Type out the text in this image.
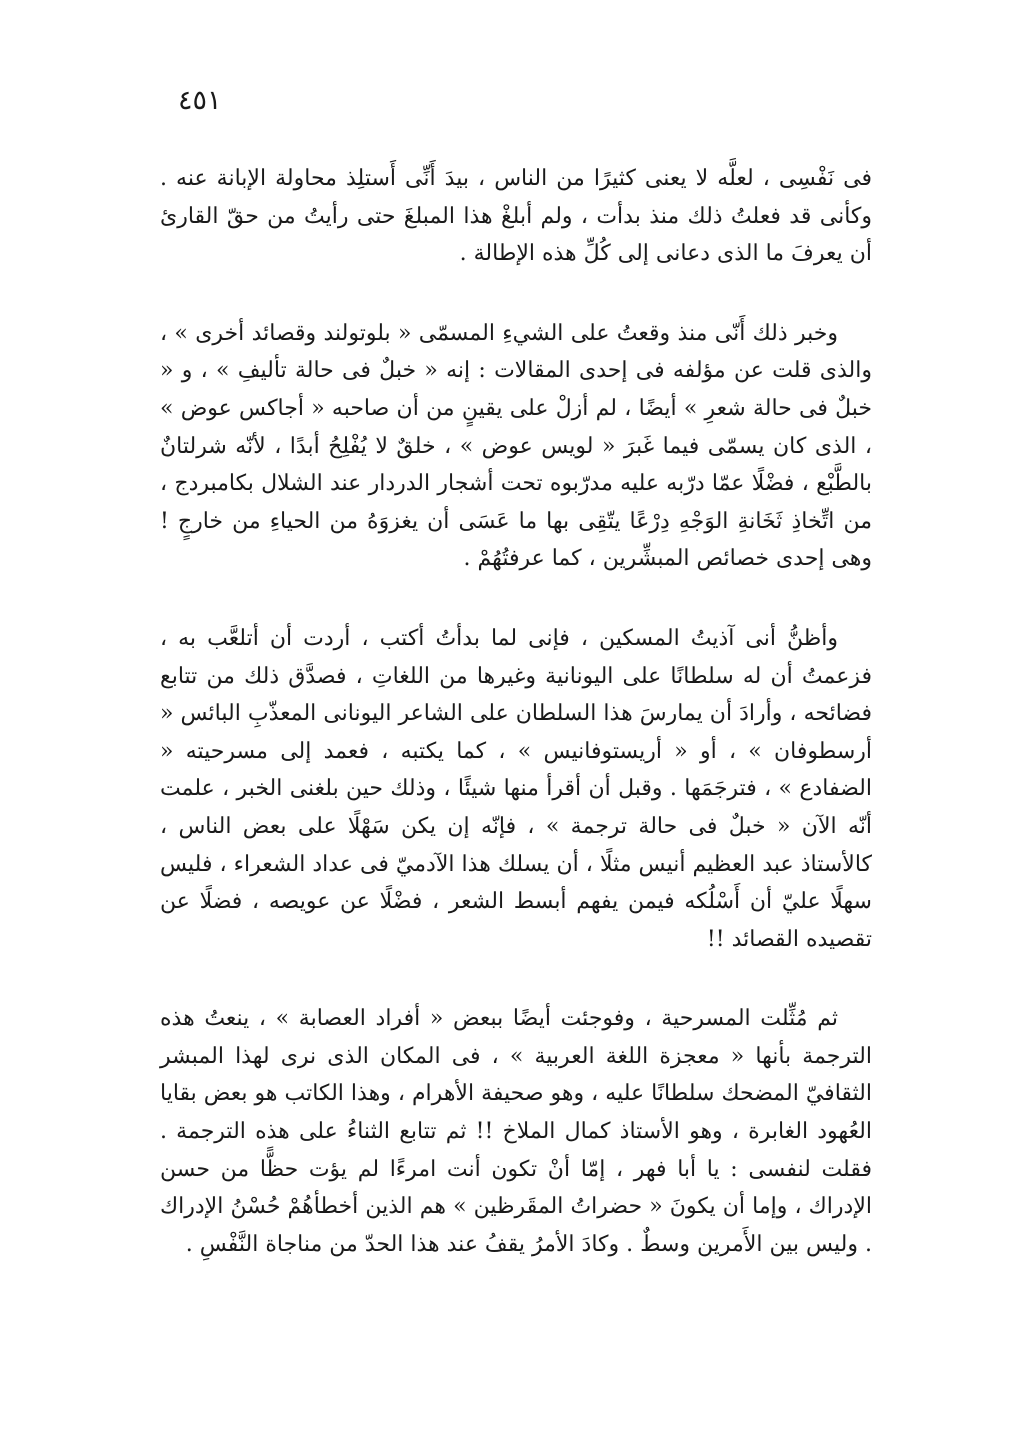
٤٥١

فى نَفْسِى ، لعلَّه لا يعنى كثيرًا من الناس ، بيدَ أَنِّى أَستلِذ محاولة الإبانة عنه . وكأنى قد فعلتُ ذلك منذ بدأت ، ولم أبلغْ هذا المبلغَ حتى رأيتُ من حقّ القارئ أن يعرفَ ما الذى دعانى إلى كُلِّ هذه الإطالة .

وخبر ذلك أَنّى منذ وقعتُ على الشيءِ المسمّى « بلوتولند وقصائد أخرى » ، والذى قلت عن مؤلفه فى إحدى المقالات : إنه « خبلٌ فى حالة تأليفِ » ، و « خبلٌ فى حالة شعرِ » أيضًا ، لم أزلْ على يقينٍ من أن صاحبه « أجاكس عوض » ، الذى كان يسمّى فيما غَبرَ « لويس عوض » ، خلقٌ لا يُفْلِحُ أبدًا ، لأنّه شرلتانٌ بالطَّبْع ، فضْلًا عمّا درّبه عليه مدرّبوه تحت أشجار الدردار عند الشلال بكامبردج ، من اتِّخاذِ ثَخَانةِ الوَجْهِ دِرْعًا يتّقِى بها ما عَسَى أن يغزوَهُ من الحياءِ من خارجٍ ! وهى إحدى خصائص المبشِّرين ، كما عرفتُهُمْ .

وأظنُّ أنى آذيتُ المسكين ، فإنى لما بدأتُ أكتب ، أردت أن أتلعَّب به ، فزعمتُ أن له سلطانًا على اليونانية وغيرها من اللغاتِ ، فصدَّق ذلك من تتابع فضائحه ، وأرادَ أن يمارسَ هذا السلطان على الشاعر اليونانى المعذّبِ البائس « أرسطوفان » ، أو « أريستوفانيس » ، كما يكتبه ، فعمد إلى مسرحيته « الضفادع » ، فترجَمَها . وقبل أن أقرأ منها شيئًا ، وذلك حين بلغنى الخبر ، علمت أنّه الآن « خبلٌ فى حالة ترجمة » ، فإنّه إن يكن سَهْلًا على بعض الناس ، كالأستاذ عبد العظيم أنيس مثلًا ، أن يسلك هذا الآدميّ فى عداد الشعراء ، فليس سهلًا عليّ أن أَسْلُكه فيمن يفهم أبسط الشعر ، فضْلًا عن عويصه ، فضلًا عن تقصيده القصائد !!

ثم مُثِّلت المسرحية ، وفوجئت أيضًا ببعض « أفراد العصابة » ، ينعتُ هذه الترجمة بأنها « معجزة اللغة العربية » ، فى المكان الذى نرى لهذا المبشر الثقافيّ المضحك سلطانًا عليه ، وهو صحيفة الأهرام ، وهذا الكاتب هو بعض بقايا العُهود الغابرة ، وهو الأستاذ كمال الملاخ !! ثم تتابع الثناءُ على هذه الترجمة . فقلت لنفسى : يا أبا فهر ، إمّا أنْ تكون أنت امرءًا لم يؤت حظًّا من حسن الإدراك ، وإما أن يكونَ « حضراتُ المقَرظين » هم الذين أخطأهُمْ حُسْنُ الإدراك . وليس بين الأَمرين وسطٌ . وكادَ الأمرُ يقفُ عند هذا الحدّ من مناجاة النَّفْسِ .
